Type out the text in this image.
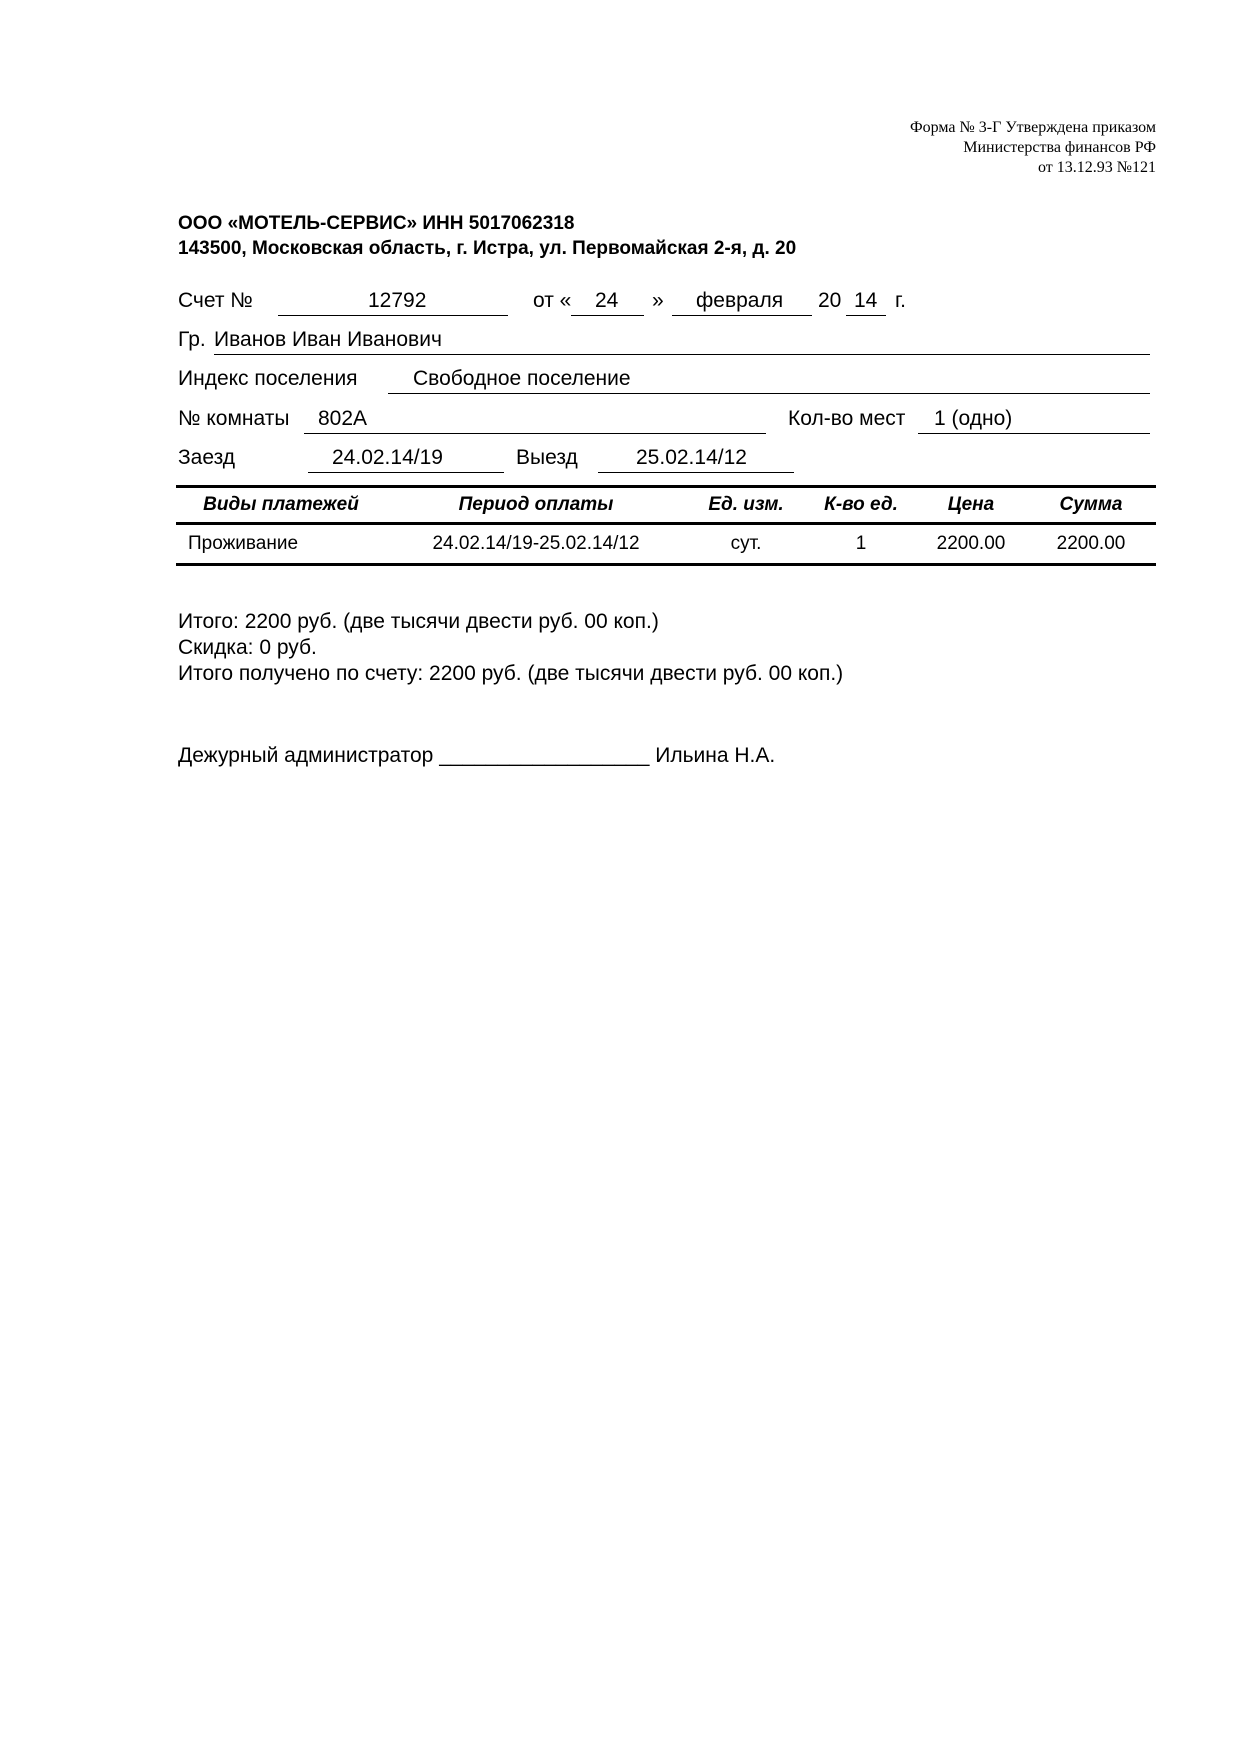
Форма № 3-Г Утверждена приказом
Министерства финансов РФ
от 13.12.93 №121
ООО «МОТЕЛЬ-СЕРВИС» ИНН 5017062318
143500, Московская область, г. Истра, ул. Первомайская 2-я, д. 20
Счет №	12792	от « 24 » февраля 20 14 г.
Гр. Иванов Иван Иванович
Индекс поселения	Свободное поселение
№ комнаты 802А	Кол-во мест 1 (одно)
Заезд	24.02.14/19	Выезд	25.02.14/12
Виды платежей	Период оплаты	Ед. изм.	К-во ед.	Цена	Сумма
Проживание	24.02.14/19-25.02.14/12	сут.	1	2200.00	2200.00
Итого: 2200 руб. (две тысячи двести руб. 00 коп.)
Скидка: 0 руб.
Итого получено по счету: 2200 руб. (две тысячи двести руб. 00 коп.)
Дежурный администратор __________________ Ильина Н.А.
